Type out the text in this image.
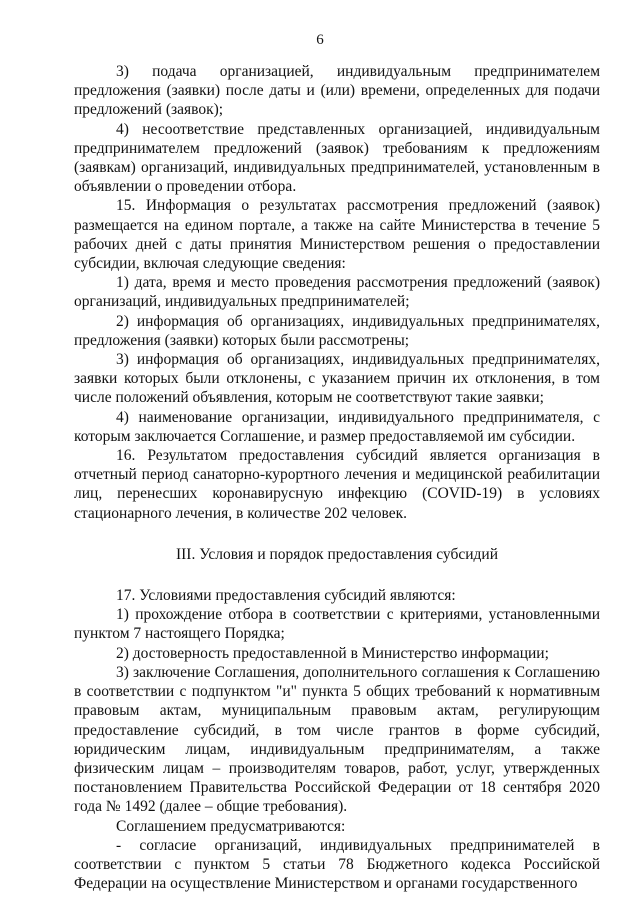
6

3) подача организацией, индивидуальным предпринимателем предложения (заявки) после даты и (или) времени, определенных для подачи предложений (заявок);

4) несоответствие представленных организацией, индивидуальным предпринимателем предложений (заявок) требованиям к предложениям (заявкам) организаций, индивидуальных предпринимателей, установленным в объявлении о проведении отбора.

15. Информация о результатах рассмотрения предложений (заявок) размещается на едином портале, а также на сайте Министерства в течение 5 рабочих дней с даты принятия Министерством решения о предоставлении субсидии, включая следующие сведения:

1) дата, время и место проведения рассмотрения предложений (заявок) организаций, индивидуальных предпринимателей;

2) информация об организациях, индивидуальных предпринимателях, предложения (заявки) которых были рассмотрены;

3) информация об организациях, индивидуальных предпринимателях, заявки которых были отклонены, с указанием причин их отклонения, в том числе положений объявления, которым не соответствуют такие заявки;

4) наименование организации, индивидуального предпринимателя, с которым заключается Соглашение, и размер предоставляемой им субсидии.

16. Результатом предоставления субсидий является организация в отчетный период санаторно-курортного лечения и медицинской реабилитации лиц, перенесших коронавирусную инфекцию (COVID-19) в условиях стационарного лечения, в количестве 202 человек.

III. Условия и порядок предоставления субсидий

17. Условиями предоставления субсидий являются:

1) прохождение отбора в соответствии с критериями, установленными пунктом 7 настоящего Порядка;

2) достоверность предоставленной в Министерство информации;

3) заключение Соглашения, дополнительного соглашения к Соглашению в соответствии с подпунктом "и" пункта 5 общих требований к нормативным правовым актам, муниципальным правовым актам, регулирующим предоставление субсидий, в том числе грантов в форме субсидий, юридическим лицам, индивидуальным предпринимателям, а также физическим лицам – производителям товаров, работ, услуг, утвержденных постановлением Правительства Российской Федерации от 18 сентября 2020 года № 1492 (далее – общие требования).

Соглашением предусматриваются:

- согласие организаций, индивидуальных предпринимателей в соответствии с пунктом 5 статьи 78 Бюджетного кодекса Российской Федерации на осуществление Министерством и органами государственного
